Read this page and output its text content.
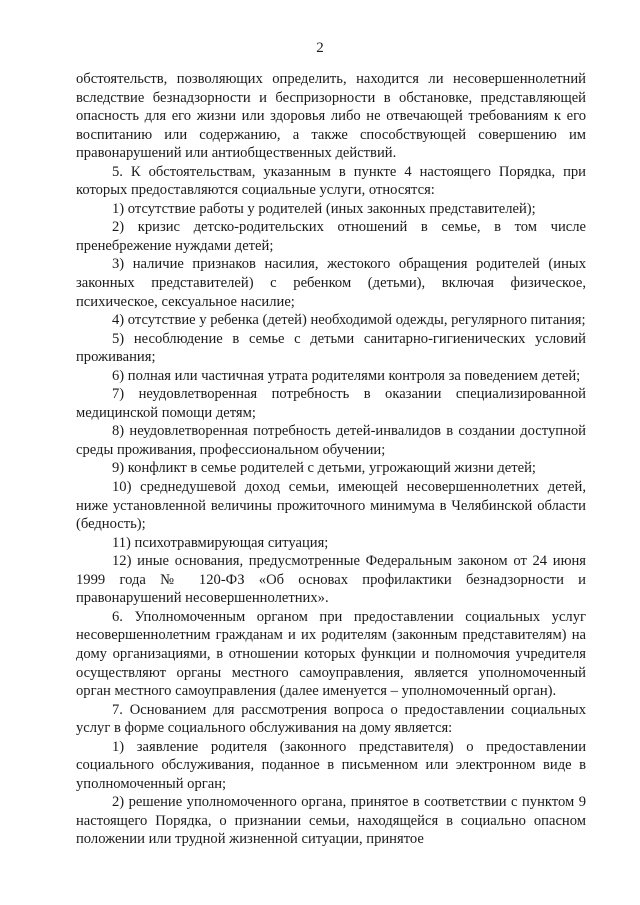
2

обстоятельств, позволяющих определить, находится ли несовершеннолетний вследствие безнадзорности и беспризорности в обстановке, представляющей опасность для его жизни или здоровья либо не отвечающей требованиям к его воспитанию или содержанию, а также способствующей совершению им правонарушений или антиобщественных действий.

5. К обстоятельствам, указанным в пункте 4 настоящего Порядка, при которых предоставляются социальные услуги, относятся:

1) отсутствие работы у родителей (иных законных представителей);

2) кризис детско-родительских отношений в семье, в том числе пренебрежение нуждами детей;

3) наличие признаков насилия, жестокого обращения родителей (иных законных представителей) с ребенком (детьми), включая физическое, психическое, сексуальное насилие;

4) отсутствие у ребенка (детей) необходимой одежды, регулярного питания;

5) несоблюдение в семье с детьми санитарно-гигиенических условий проживания;

6) полная или частичная утрата родителями контроля за поведением детей;

7) неудовлетворенная потребность в оказании специализированной медицинской помощи детям;

8) неудовлетворенная потребность детей-инвалидов в создании доступной среды проживания, профессиональном обучении;

9) конфликт в семье родителей с детьми, угрожающий жизни детей;

10) среднедушевой доход семьи, имеющей несовершеннолетних детей, ниже установленной величины прожиточного минимума в Челябинской области (бедность);

11) психотравмирующая ситуация;

12) иные основания, предусмотренные Федеральным законом от 24 июня 1999 года № 120-ФЗ «Об основах профилактики безнадзорности и правонарушений несовершеннолетних».

6. Уполномоченным органом при предоставлении социальных услуг несовершеннолетним гражданам и их родителям (законным представителям) на дому организациями, в отношении которых функции и полномочия учредителя осуществляют органы местного самоуправления, является уполномоченный орган местного самоуправления (далее именуется – уполномоченный орган).

7. Основанием для рассмотрения вопроса о предоставлении социальных услуг в форме социального обслуживания на дому является:

1) заявление родителя (законного представителя) о предоставлении социального обслуживания, поданное в письменном или электронном виде в уполномоченный орган;

2) решение уполномоченного органа, принятое в соответствии с пунктом 9 настоящего Порядка, о признании семьи, находящейся в социально опасном положении или трудной жизненной ситуации, принятое
